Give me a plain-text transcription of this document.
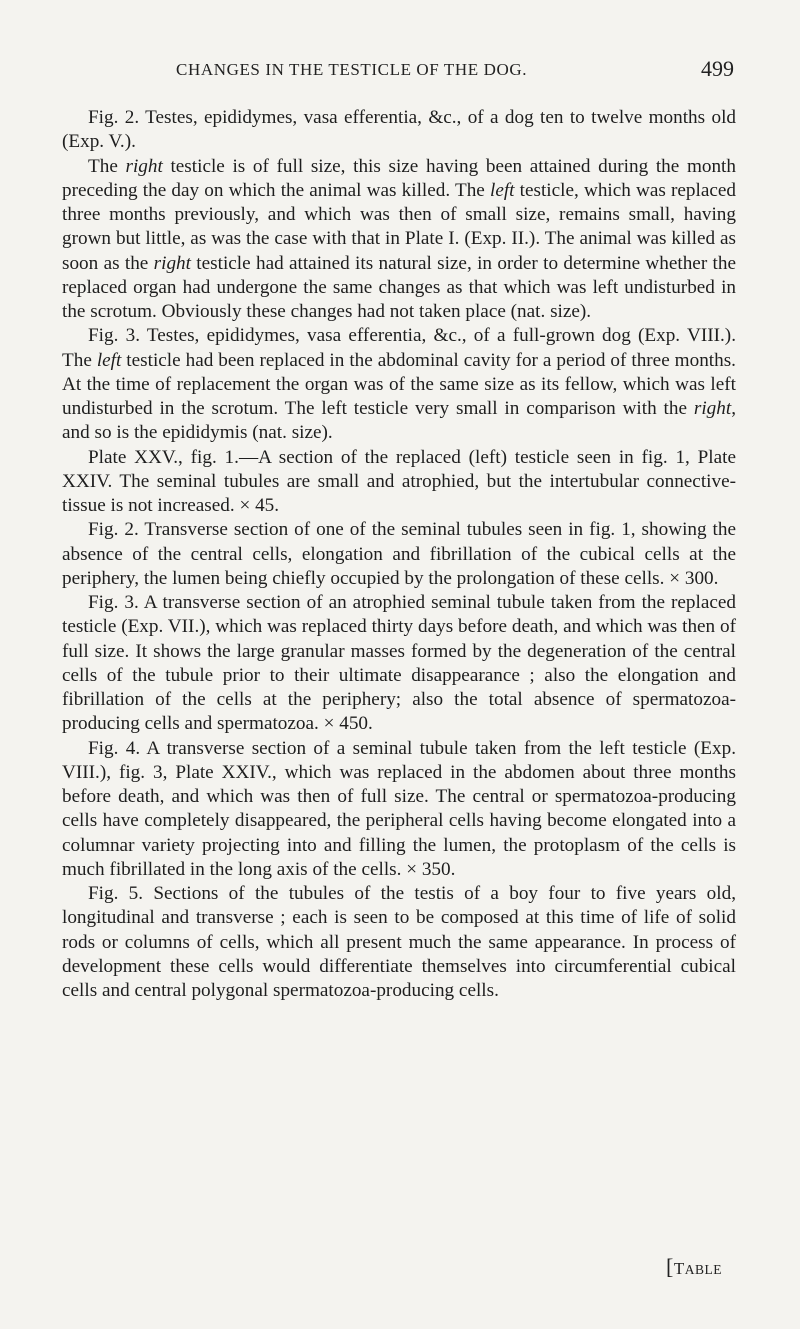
CHANGES IN THE TESTICLE OF THE DOG.	499

Fig. 2. Testes, epididymes, vasa efferentia, &c., of a dog ten to twelve months old (Exp. V.).

The right testicle is of full size, this size having been attained during the month preceding the day on which the animal was killed. The left testicle, which was replaced three months previously, and which was then of small size, remains small, having grown but little, as was the case with that in Plate I. (Exp. II.). The animal was killed as soon as the right testicle had attained its natural size, in order to determine whether the replaced organ had undergone the same changes as that which was left undisturbed in the scrotum. Obviously these changes had not taken place (nat. size).

Fig. 3. Testes, epididymes, vasa efferentia, &c., of a full-grown dog (Exp. VIII.). The left testicle had been replaced in the abdominal cavity for a period of three months. At the time of replacement the organ was of the same size as its fellow, which was left undisturbed in the scrotum. The left testicle very small in comparison with the right, and so is the epididymis (nat. size).

Plate XXV., fig. 1.—A section of the replaced (left) testicle seen in fig. 1, Plate XXIV. The seminal tubules are small and atrophied, but the intertubular connective-tissue is not increased. × 45.

Fig. 2. Transverse section of one of the seminal tubules seen in fig. 1, showing the absence of the central cells, elongation and fibrillation of the cubical cells at the periphery, the lumen being chiefly occupied by the prolongation of these cells. × 300.

Fig. 3. A transverse section of an atrophied seminal tubule taken from the replaced testicle (Exp. VII.), which was replaced thirty days before death, and which was then of full size. It shows the large granular masses formed by the degeneration of the central cells of the tubule prior to their ultimate disappearance ; also the elongation and fibrillation of the cells at the periphery; also the total absence of spermatozoa-producing cells and spermatozoa. × 450.

Fig. 4. A transverse section of a seminal tubule taken from the left testicle (Exp. VIII.), fig. 3, Plate XXIV., which was replaced in the abdomen about three months before death, and which was then of full size. The central or spermatozoa-producing cells have completely disappeared, the peripheral cells having become elongated into a columnar variety projecting into and filling the lumen, the protoplasm of the cells is much fibrillated in the long axis of the cells. × 350.

Fig. 5. Sections of the tubules of the testis of a boy four to five years old, longitudinal and transverse ; each is seen to be composed at this time of life of solid rods or columns of cells, which all present much the same appearance. In process of development these cells would differentiate themselves into circumferential cubical cells and central polygonal spermatozoa-producing cells.

[TABLE
